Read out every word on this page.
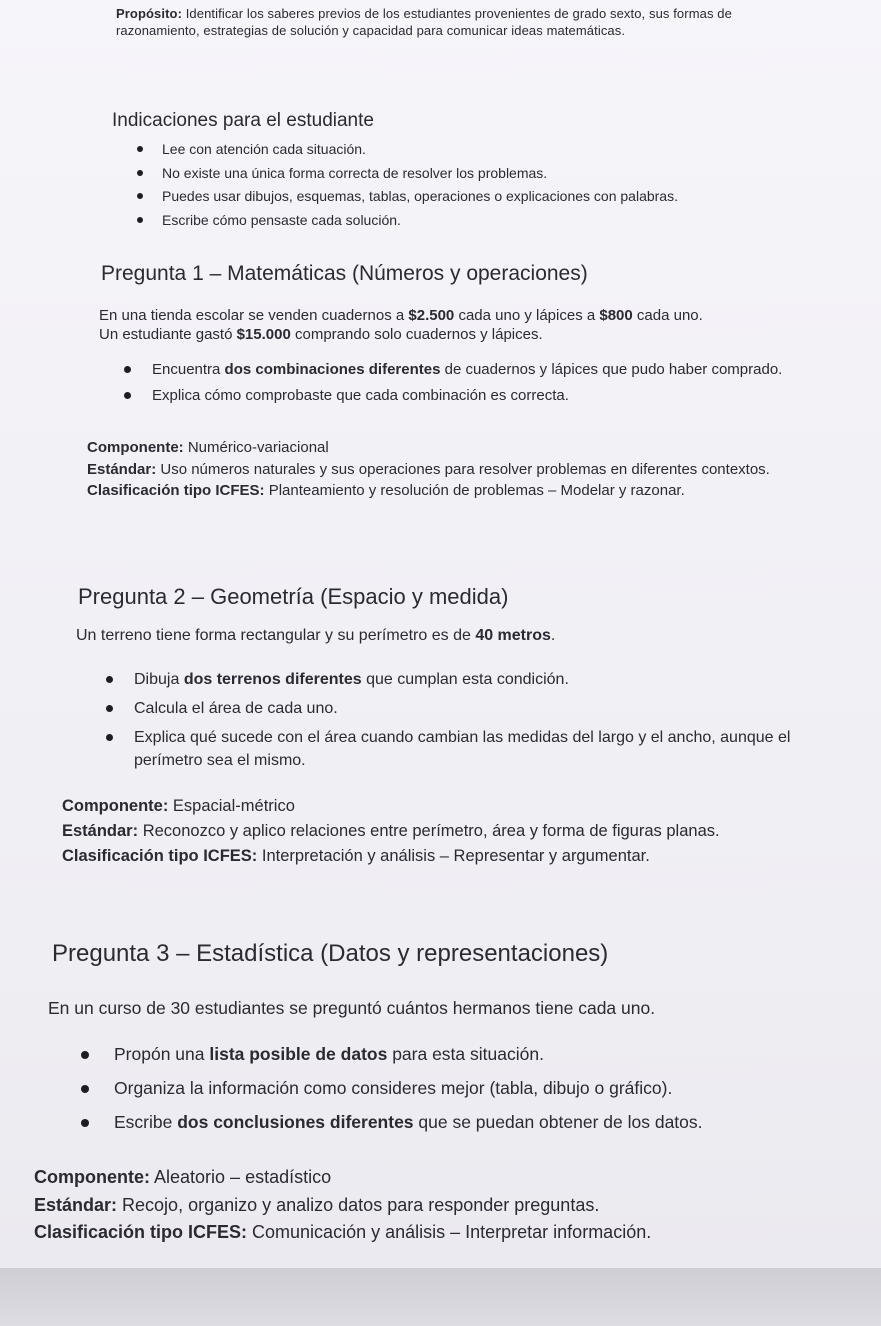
Propósito: Identificar los saberes previos de los estudiantes provenientes de grado sexto, sus formas de razonamiento, estrategias de solución y capacidad para comunicar ideas matemáticas.

Indicaciones para el estudiante
Lee con atención cada situación.
No existe una única forma correcta de resolver los problemas.
Puedes usar dibujos, esquemas, tablas, operaciones o explicaciones con palabras.
Escribe cómo pensaste cada solución.
Pregunta 1 – Matemáticas (Números y operaciones)

En una tienda escolar se venden cuadernos a $2.500 cada uno y lápices a $800 cada uno.

Un estudiante gastó $15.000 comprando solo cuadernos y lápices.

Encuentra dos combinaciones diferentes de cuadernos y lápices que pudo haber comprado.
Explica cómo comprobaste que cada combinación es correcta.

Componente: Numérico-variacional

Estándar: Uso números naturales y sus operaciones para resolver problemas en diferentes contextos.

Clasificación tipo ICFES: Planteamiento y resolución de problemas – Modelar y razonar.

Pregunta 2 – Geometría (Espacio y medida)

Un terreno tiene forma rectangular y su perímetro es de 40 metros.

Dibuja dos terrenos diferentes que cumplan esta condición.
Calcula el área de cada uno.
Explica qué sucede con el área cuando cambian las medidas del largo y el ancho, aunque el perímetro sea el mismo.

Componente: Espacial-métrico

Estándar: Reconozco y aplico relaciones entre perímetro, área y forma de figuras planas.

Clasificación tipo ICFES: Interpretación y análisis – Representar y argumentar.

Pregunta 3 – Estadística (Datos y representaciones)

En un curso de 30 estudiantes se preguntó cuántos hermanos tiene cada uno.

Propón una lista posible de datos para esta situación.
Organiza la información como consideres mejor (tabla, dibujo o gráfico).
Escribe dos conclusiones diferentes que se puedan obtener de los datos.

Componente: Aleatorio – estadístico

Estándar: Recojo, organizo y analizo datos para responder preguntas.

Clasificación tipo ICFES: Comunicación y análisis – Interpretar información.
